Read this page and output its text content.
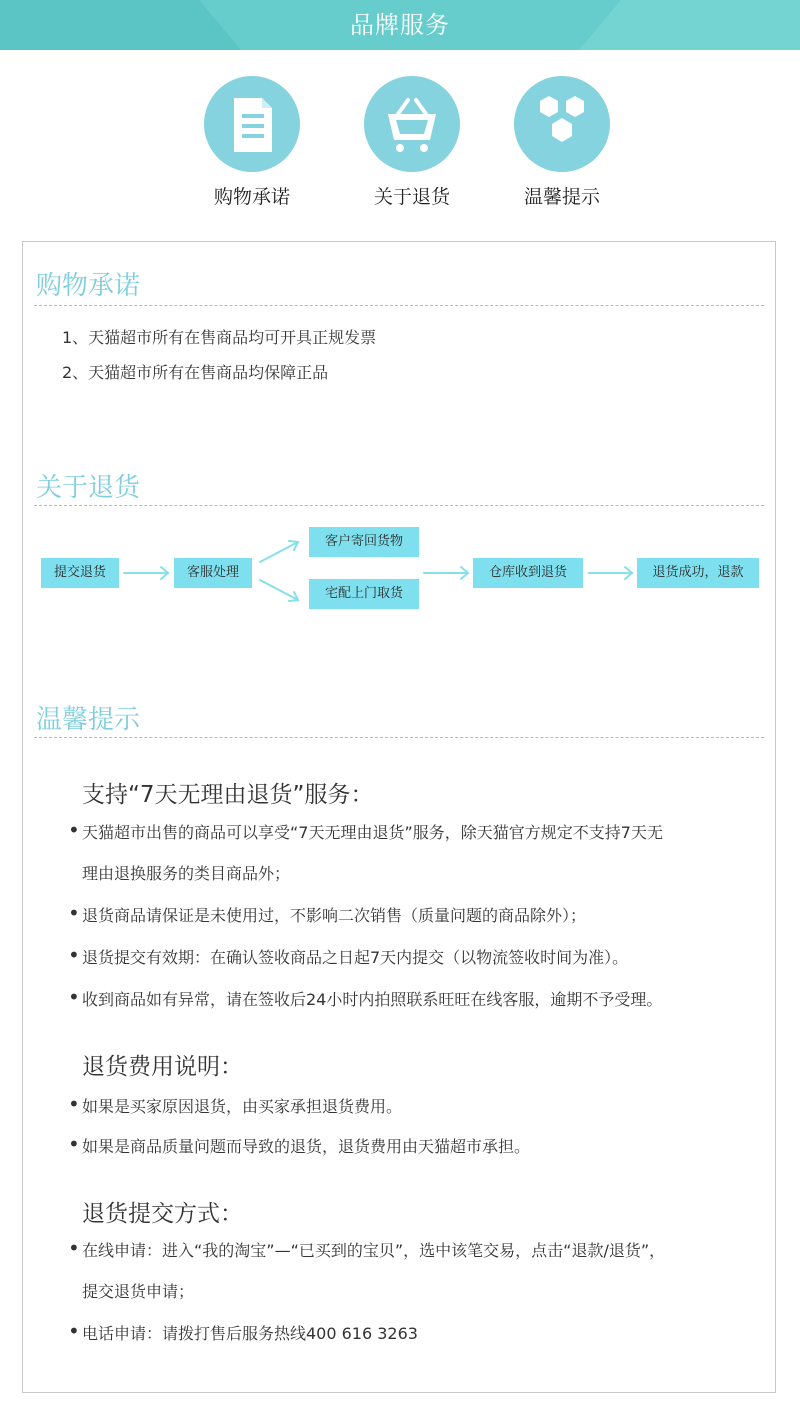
品牌服务
购物承诺	关于退货	温馨提示
购物承诺
1、天猫超市所有在售商品均可开具正规发票
2、天猫超市所有在售商品均保障正品
关于退货
提交退货	客服处理
客户寄回货物
宅配上门取货
仓库收到退货	退货成功，退款
温馨提示
支持“7天无理由退货”服务：
• 天猫超市出售的商品可以享受“7天无理由退货”服务，除天猫官方规定不支持7天无
理由退换服务的类目商品外；
• 退货商品请保证是未使用过，不影响二次销售（质量问题的商品除外）；
• 退货提交有效期：在确认签收商品之日起7天内提交（以物流签收时间为准）。
• 收到商品如有异常，请在签收后24小时内拍照联系旺旺在线客服，逾期不予受理。
退货费用说明：
• 如果是买家原因退货，由买家承担退货费用。
• 如果是商品质量问题而导致的退货，退货费用由天猫超市承担。
退货提交方式：
• 在线申请：进入“我的淘宝”—“已买到的宝贝”，选中该笔交易，点击“退款/退货”，
提交退货申请；
• 电话申请：请拨打售后服务热线400 616 3263
